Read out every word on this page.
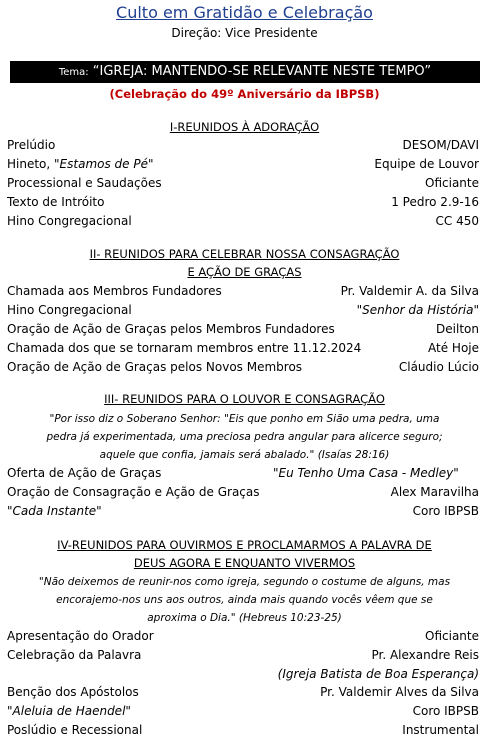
Culto em Gratidão e Celebração
Direção: Vice Presidente
Tema: “IGREJA: MANTENDO-SE RELEVANTE NESTE TEMPO”
(Celebração do 49º Aniversário da IBPSB)
I-REUNIDOS À ADORAÇÃO
Prelúdio	DESOM/DAVI
Hineto, "Estamos de Pé"	Equipe de Louvor
Processional e Saudações	Oficiante
Texto de Intróito	1 Pedro 2.9-16
Hino Congregacional	CC 450
II- REUNIDOS PARA CELEBRAR NOSSA CONSAGRAÇÃO
E AÇÃO DE GRAÇAS
Chamada aos Membros Fundadores	Pr. Valdemir A. da Silva
Hino Congregacional	"Senhor da História"
Oração de Ação de Graças pelos Membros Fundadores	Deilton
Chamada dos que se tornaram membros entre 11.12.2024	Até Hoje
Oração de Ação de Graças pelos Novos Membros	Cláudio Lúcio
III- REUNIDOS PARA O LOUVOR E CONSAGRAÇÃO
"Por isso diz o Soberano Senhor: "Eis que ponho em Sião uma pedra, uma
pedra já experimentada, uma preciosa pedra angular para alicerce seguro;
aquele que confia, jamais será abalado." (Isaías 28:16)
Oferta de Ação de Graças	"Eu Tenho Uma Casa - Medley"
Oração de Consagração e Ação de Graças	Alex Maravilha
"Cada Instante"	Coro IBPSB
IV-REUNIDOS PARA OUVIRMOS E PROCLAMARMOS A PALAVRA DE
DEUS AGORA E ENQUANTO VIVERMOS
"Não deixemos de reunir-nos como igreja, segundo o costume de alguns, mas
encorajemo-nos uns aos outros, ainda mais quando vocês vêem que se
aproxima o Dia." (Hebreus 10:23-25)
Apresentação do Orador	Oficiante
Celebração da Palavra	Pr. Alexandre Reis
(Igreja Batista de Boa Esperança)
Benção dos Apóstolos	Pr. Valdemir Alves da Silva
"Aleluia de Haendel"	Coro IBPSB
Poslúdio e Recessional	Instrumental
